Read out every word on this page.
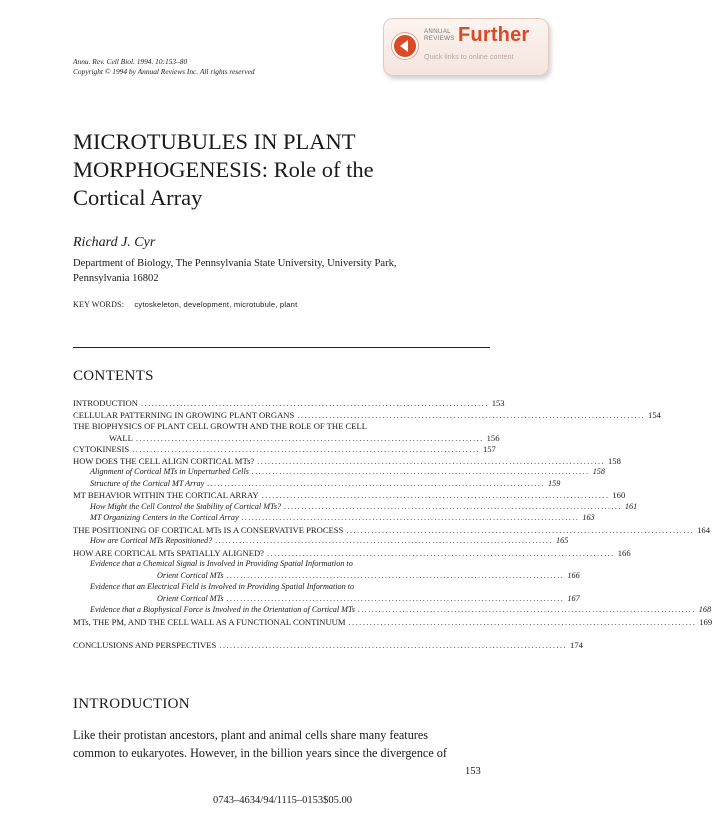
Annu. Rev. Cell Biol. 1994. 10:153–80
Copyright © 1994 by Annual Reviews Inc. All rights reserved
ANNUAL
REVIEWS Further
Quick links to online content
MICROTUBULES IN PLANT
MORPHOGENESIS: Role of the
Cortical Array
Richard J. Cyr
Department of Biology, The Pennsylvania State University, University Park,
Pennsylvania 16802
KEY WORDS: cytoskeleton, development, microtubule, plant
CONTENTS
INTRODUCTION .................................................................................................. 153
CELLULAR PATTERNING IN GROWING PLANT ORGANS .................................................................................................. 154
THE BIOPHYSICS OF PLANT CELL GROWTH AND THE ROLE OF THE CELL
WALL .................................................................................................. 156
CYTOKINESIS .................................................................................................. 157
HOW DOES THE CELL ALIGN CORTICAL MTs? .................................................................................................. 158
Alignment of Cortical MTs in Unperturbed Cells .................................................................................................. 158
Structure of the Cortical MT Array .................................................................................................. 159
MT BEHAVIOR WITHIN THE CORTICAL ARRAY .................................................................................................. 160
How Might the Cell Control the Stability of Cortical MTs? .................................................................................................. 161
MT Organizing Centers in the Cortical Array .................................................................................................. 163
THE POSITIONING OF CORTICAL MTs IS A CONSERVATIVE PROCESS .................................................................................................. 164
How are Cortical MTs Repositioned? .................................................................................................. 165
HOW ARE CORTICAL MTs SPATIALLY ALIGNED? .................................................................................................. 166
Evidence that a Chemical Signal is Involved in Providing Spatial Information to
Orient Cortical MTs .................................................................................................. 166
Evidence that an Electrical Field is Involved in Providing Spatial Information to
Orient Cortical MTs .................................................................................................. 167
Evidence that a Biophysical Force is Involved in the Orientation of Cortical MTs .................................................................................................. 168
MTs, THE PM, AND THE CELL WALL AS A FUNCTIONAL CONTINUUM .................................................................................................. 169
CONCLUSIONS AND PERSPECTIVES .................................................................................................. 174
INTRODUCTION
Like their protistan ancestors, plant and animal cells share many features
common to eukaryotes. However, in the billion years since the divergence of
153
0743–4634/94/1115–0153$05.00
